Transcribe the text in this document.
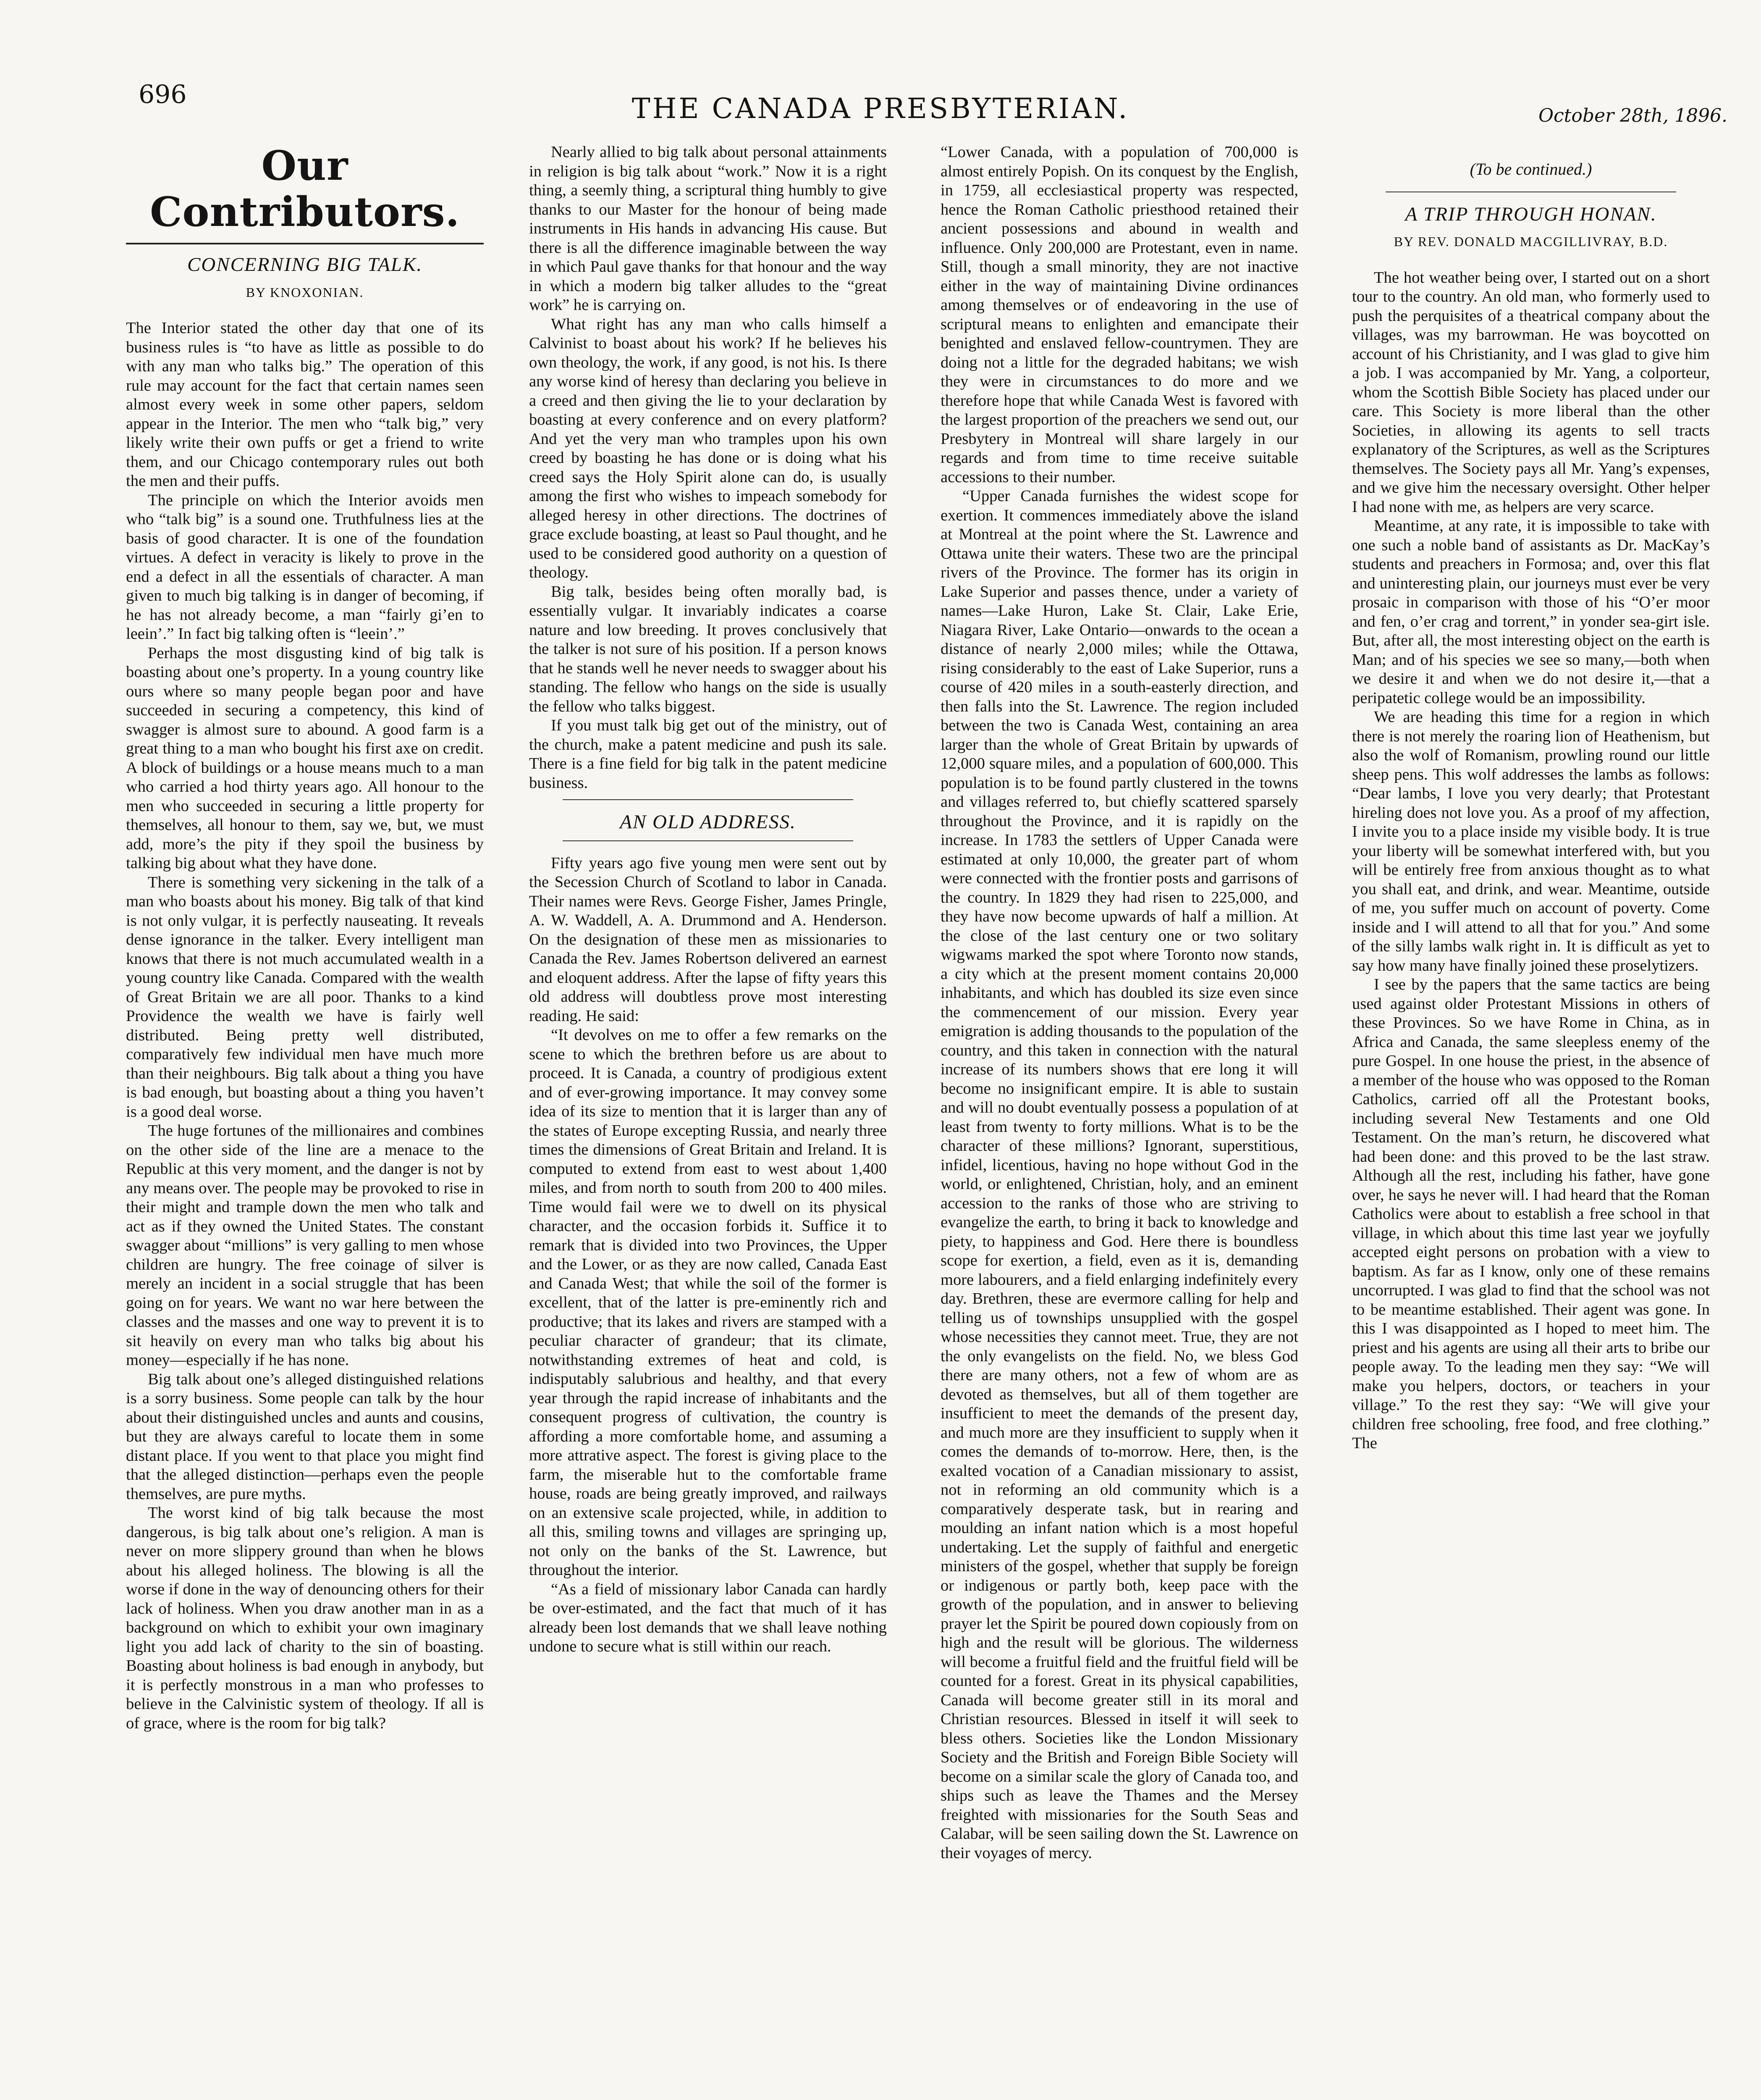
696	THE CANADA PRESBYTERIAN.	October 28th, 1896.
Our Contributors.
CONCERNING BIG TALK.
BY KNOXONIAN.

The Interior stated the other day that one of its business rules is “to have as little as possible to do with any man who talks big.” The operation of this rule may account for the fact that certain names seen almost every week in some other papers, seldom appear in the Interior. The men who “talk big,” very likely write their own puffs or get a friend to write them, and our Chicago contemporary rules out both the men and their puffs.

The principle on which the Interior avoids men who “talk big” is a sound one. Truthfulness lies at the basis of good character. It is one of the foundation virtues. A defect in veracity is likely to prove in the end a defect in all the essentials of character. A man given to much big talking is in danger of becoming, if he has not already become, a man “fairly gi’en to leein’.” In fact big talking often is “leein’.”

Perhaps the most disgusting kind of big talk is boasting about one’s property. In a young country like ours where so many people began poor and have succeeded in securing a competency, this kind of swagger is almost sure to abound. A good farm is a great thing to a man who bought his first axe on credit. A block of buildings or a house means much to a man who carried a hod thirty years ago. All honour to the men who succeeded in securing a little property for themselves, all honour to them, say we, but, we must add, more’s the pity if they spoil the business by talking big about what they have done.

There is something very sickening in the talk of a man who boasts about his money. Big talk of that kind is not only vulgar, it is perfectly nauseating. It reveals dense ignorance in the talker. Every intelligent man knows that there is not much accumulated wealth in a young country like Canada. Compared with the wealth of Great Britain we are all poor. Thanks to a kind Providence the wealth we have is fairly well distributed. Being pretty well distributed, comparatively few individual men have much more than their neighbours. Big talk about a thing you have is bad enough, but boasting about a thing you haven’t is a good deal worse.

The huge fortunes of the millionaires and combines on the other side of the line are a menace to the Republic at this very moment, and the danger is not by any means over. The people may be provoked to rise in their might and trample down the men who talk and act as if they owned the United States. The constant swagger about “millions” is very galling to men whose children are hungry. The free coinage of silver is merely an incident in a social struggle that has been going on for years. We want no war here between the classes and the masses and one way to prevent it is to sit heavily on every man who talks big about his money—especially if he has none.

Big talk about one’s alleged distinguished relations is a sorry business. Some people can talk by the hour about their distinguished uncles and aunts and cousins, but they are always careful to locate them in some distant place. If you went to that place you might find that the alleged distinction—perhaps even the people themselves, are pure myths.

The worst kind of big talk because the most dangerous, is big talk about one’s religion. A man is never on more slippery ground than when he blows about his alleged holiness. The blowing is all the worse if done in the way of denouncing others for their lack of holiness. When you draw another man in as a background on which to exhibit your own imaginary light you add lack of charity to the sin of boasting. Boasting about holiness is bad enough in anybody, but it is perfectly monstrous in a man who professes to believe in the Calvinistic system of theology. If all is of grace, where is the room for big talk?

Nearly allied to big talk about personal attainments in religion is big talk about “work.” Now it is a right thing, a seemly thing, a scriptural thing humbly to give thanks to our Master for the honour of being made instruments in His hands in advancing His cause. But there is all the difference imaginable between the way in which Paul gave thanks for that honour and the way in which a modern big talker alludes to the “great work” he is carrying on.

What right has any man who calls himself a Calvinist to boast about his work? If he believes his own theology, the work, if any good, is not his. Is there any worse kind of heresy than declaring you believe in a creed and then giving the lie to your declaration by boasting at every conference and on every platform? And yet the very man who tramples upon his own creed by boasting he has done or is doing what his creed says the Holy Spirit alone can do, is usually among the first who wishes to impeach somebody for alleged heresy in other directions. The doctrines of grace exclude boasting, at least so Paul thought, and he used to be considered good authority on a question of theology.

Big talk, besides being often morally bad, is essentially vulgar. It invariably indicates a coarse nature and low breeding. It proves conclusively that the talker is not sure of his position. If a person knows that he stands well he never needs to swagger about his standing. The fellow who hangs on the side is usually the fellow who talks biggest.

If you must talk big get out of the ministry, out of the church, make a patent medicine and push its sale. There is a fine field for big talk in the patent medicine business.

AN OLD ADDRESS.

Fifty years ago five young men were sent out by the Secession Church of Scotland to labor in Canada. Their names were Revs. George Fisher, James Pringle, A. W. Waddell, A. A. Drummond and A. Henderson. On the designation of these men as missionaries to Canada the Rev. James Robertson delivered an earnest and eloquent address. After the lapse of fifty years this old address will doubtless prove most interesting reading. He said:

“It devolves on me to offer a few remarks on the scene to which the brethren before us are about to proceed. It is Canada, a country of prodigious extent and of ever-growing importance. It may convey some idea of its size to mention that it is larger than any of the states of Europe excepting Russia, and nearly three times the dimensions of Great Britain and Ireland. It is computed to extend from east to west about 1,400 miles, and from north to south from 200 to 400 miles. Time would fail were we to dwell on its physical character, and the occasion forbids it. Suffice it to remark that is divided into two Provinces, the Upper and the Lower, or as they are now called, Canada East and Canada West; that while the soil of the former is excellent, that of the latter is pre-eminently rich and productive; that its lakes and rivers are stamped with a peculiar character of grandeur; that its climate, notwithstanding extremes of heat and cold, is indisputably salubrious and healthy, and that every year through the rapid increase of inhabitants and the consequent progress of cultivation, the country is affording a more comfortable home, and assuming a more attrative aspect. The forest is giving place to the farm, the miserable hut to the comfortable frame house, roads are being greatly improved, and railways on an extensive scale projected, while, in addition to all this, smiling towns and villages are springing up, not only on the banks of the St. Lawrence, but throughout the interior.

“As a field of missionary labor Canada can hardly be over-estimated, and the fact that much of it has already been lost demands that we shall leave nothing undone to secure what is still within our reach.

“Lower Canada, with a population of 700,000 is almost entirely Popish. On its conquest by the English, in 1759, all ecclesiastical property was respected, hence the Roman Catholic priesthood retained their ancient possessions and abound in wealth and influence. Only 200,000 are Protestant, even in name. Still, though a small minority, they are not inactive either in the way of maintaining Divine ordinances among themselves or of endeavoring in the use of scriptural means to enlighten and emancipate their benighted and enslaved fellow-countrymen. They are doing not a little for the degraded habitans; we wish they were in circumstances to do more and we therefore hope that while Canada West is favored with the largest proportion of the preachers we send out, our Presbytery in Montreal will share largely in our regards and from time to time receive suitable accessions to their number.

“Upper Canada furnishes the widest scope for exertion. It commences immediately above the island at Montreal at the point where the St. Lawrence and Ottawa unite their waters. These two are the principal rivers of the Province. The former has its origin in Lake Superior and passes thence, under a variety of names—Lake Huron, Lake St. Clair, Lake Erie, Niagara River, Lake Ontario—onwards to the ocean a distance of nearly 2,000 miles; while the Ottawa, rising considerably to the east of Lake Superior, runs a course of 420 miles in a south-easterly direction, and then falls into the St. Lawrence. The region included between the two is Canada West, containing an area larger than the whole of Great Britain by upwards of 12,000 square miles, and a population of 600,000. This population is to be found partly clustered in the towns and villages referred to, but chiefly scattered sparsely throughout the Province, and it is rapidly on the increase. In 1783 the settlers of Upper Canada were estimated at only 10,000, the greater part of whom were connected with the frontier posts and garrisons of the country. In 1829 they had risen to 225,000, and they have now become upwards of half a million. At the close of the last century one or two solitary wigwams marked the spot where Toronto now stands, a city which at the present moment contains 20,000 inhabitants, and which has doubled its size even since the commencement of our mission. Every year emigration is adding thousands to the population of the country, and this taken in connection with the natural increase of its numbers shows that ere long it will become no insignificant empire. It is able to sustain and will no doubt eventually possess a population of at least from twenty to forty millions. What is to be the character of these millions? Ignorant, superstitious, infidel, licentious, having no hope without God in the world, or enlightened, Christian, holy, and an eminent accession to the ranks of those who are striving to evangelize the earth, to bring it back to knowledge and piety, to happiness and God. Here there is boundless scope for exertion, a field, even as it is, demanding more labourers, and a field enlarging indefinitely every day. Brethren, these are evermore calling for help and telling us of townships unsupplied with the gospel whose necessities they cannot meet. True, they are not the only evangelists on the field. No, we bless God there are many others, not a few of whom are as devoted as themselves, but all of them together are insufficient to meet the demands of the present day, and much more are they insufficient to supply when it comes the demands of to-morrow. Here, then, is the exalted vocation of a Canadian missionary to assist, not in reforming an old community which is a comparatively desperate task, but in rearing and moulding an infant nation which is a most hopeful undertaking. Let the supply of faithful and energetic ministers of the gospel, whether that supply be foreign or indigenous or partly both, keep pace with the growth of the population, and in answer to believing prayer let the Spirit be poured down copiously from on high and the result will be glorious. The wilderness will become a fruitful field and the fruitful field will be counted for a forest. Great in its physical capabilities, Canada will become greater still in its moral and Christian resources. Blessed in itself it will seek to bless others. Societies like the London Missionary Society and the British and Foreign Bible Society will become on a similar scale the glory of Canada too, and ships such as leave the Thames and the Mersey freighted with missionaries for the South Seas and Calabar, will be seen sailing down the St. Lawrence on their voyages of mercy.

(To be continued.)
A TRIP THROUGH HONAN.
BY REV. DONALD MACGILLIVRAY, B.D.

The hot weather being over, I started out on a short tour to the country. An old man, who formerly used to push the perquisites of a theatrical company about the villages, was my barrowman. He was boycotted on account of his Christianity, and I was glad to give him a job. I was accompanied by Mr. Yang, a colporteur, whom the Scottish Bible Society has placed under our care. This Society is more liberal than the other Societies, in allowing its agents to sell tracts explanatory of the Scriptures, as well as the Scriptures themselves. The Society pays all Mr. Yang’s expenses, and we give him the necessary oversight. Other helper I had none with me, as helpers are very scarce.

Meantime, at any rate, it is impossible to take with one such a noble band of assistants as Dr. MacKay’s students and preachers in Formosa; and, over this flat and uninteresting plain, our journeys must ever be very prosaic in comparison with those of his “O’er moor and fen, o’er crag and torrent,” in yonder sea-girt isle. But, after all, the most interesting object on the earth is Man; and of his species we see so many,—both when we desire it and when we do not desire it,—that a peripatetic college would be an impossibility.

We are heading this time for a region in which there is not merely the roaring lion of Heathenism, but also the wolf of Romanism, prowling round our little sheep pens. This wolf addresses the lambs as follows: “Dear lambs, I love you very dearly; that Protestant hireling does not love you. As a proof of my affection, I invite you to a place inside my visible body. It is true your liberty will be somewhat interfered with, but you will be entirely free from anxious thought as to what you shall eat, and drink, and wear. Meantime, outside of me, you suffer much on account of poverty. Come inside and I will attend to all that for you.” And some of the silly lambs walk right in. It is difficult as yet to say how many have finally joined these proselytizers.

I see by the papers that the same tactics are being used against older Protestant Missions in others of these Provinces. So we have Rome in China, as in Africa and Canada, the same sleepless enemy of the pure Gospel. In one house the priest, in the absence of a member of the house who was opposed to the Roman Catholics, carried off all the Protestant books, including several New Testaments and one Old Testament. On the man’s return, he discovered what had been done: and this proved to be the last straw. Although all the rest, including his father, have gone over, he says he never will. I had heard that the Roman Catholics were about to establish a free school in that village, in which about this time last year we joyfully accepted eight persons on probation with a view to baptism. As far as I know, only one of these remains uncorrupted. I was glad to find that the school was not to be meantime established. Their agent was gone. In this I was disappointed as I hoped to meet him. The priest and his agents are using all their arts to bribe our people away. To the leading men they say: “We will make you helpers, doctors, or teachers in your village.” To the rest they say: “We will give your children free schooling, free food, and free clothing.” The
